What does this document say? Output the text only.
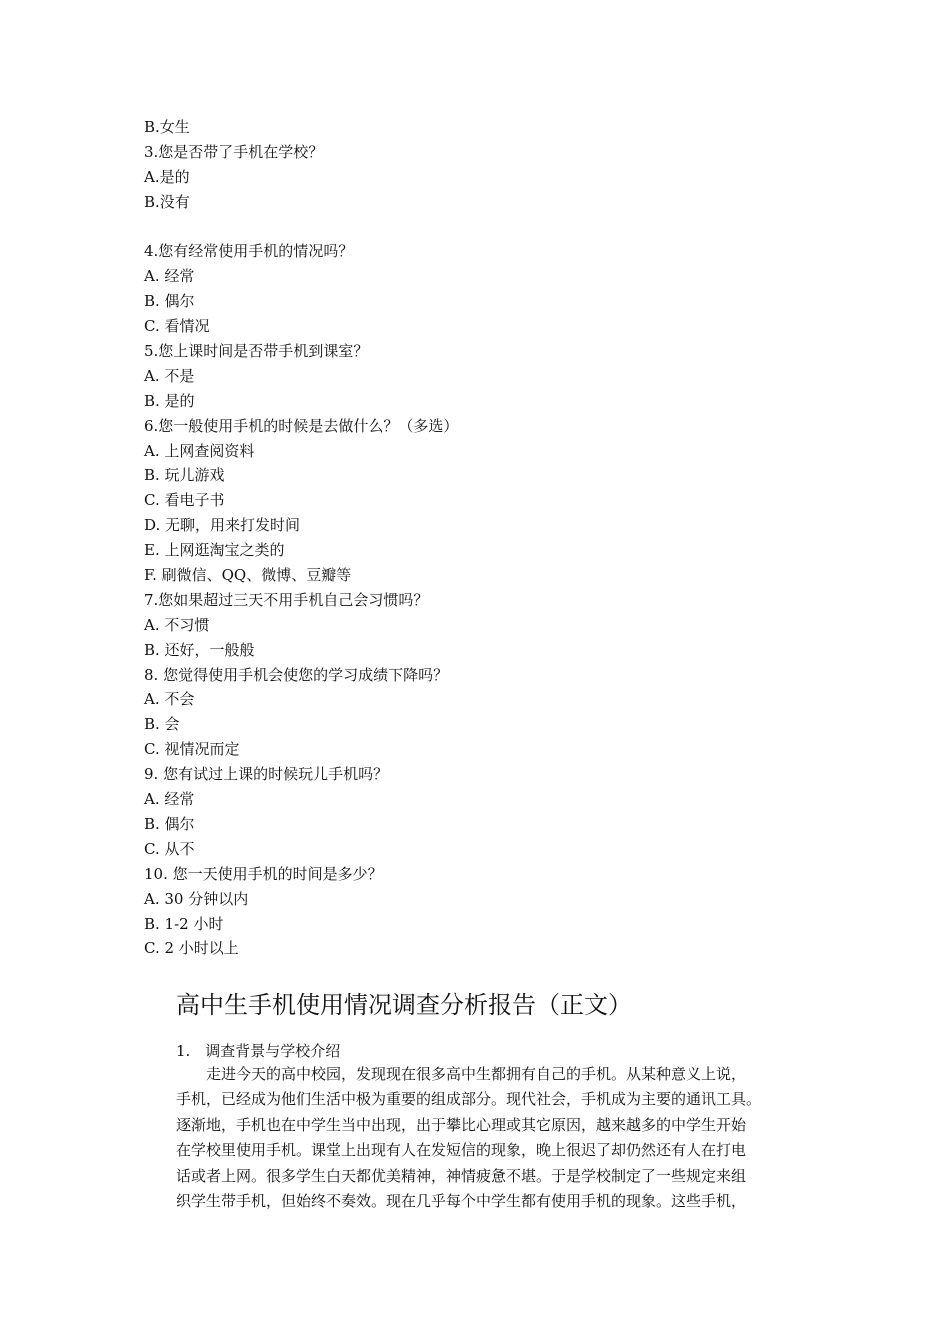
B.女生
3.您是否带了手机在学校？
A.是的
B.没有
4.您有经常使用手机的情况吗？
A. 经常
B. 偶尔
C. 看情况
5.您上课时间是否带手机到课室？
A. 不是
B. 是的
6.您一般使用手机的时候是去做什么？（多选）
A. 上网查阅资料
B. 玩儿游戏
C. 看电子书
D. 无聊，用来打发时间
E. 上网逛淘宝之类的
F. 刷微信、QQ、微博、豆瓣等
7.您如果超过三天不用手机自己会习惯吗？
A. 不习惯
B. 还好，一般般
8. 您觉得使用手机会使您的学习成绩下降吗？
A. 不会
B. 会
C. 视情况而定
9. 您有试过上课的时候玩儿手机吗？
A. 经常
B. 偶尔
C. 从不
10. 您一天使用手机的时间是多少？
A. 30 分钟以内
B. 1-2 小时
C. 2 小时以上
高中生手机使用情况调查分析报告（正文）
1.　调查背景与学校介绍
走进今天的高中校园，发现现在很多高中生都拥有自己的手机。从某种意义上说，
手机，已经成为他们生活中极为重要的组成部分。现代社会，手机成为主要的通讯工具。
逐渐地，手机也在中学生当中出现，出于攀比心理或其它原因，越来越多的中学生开始
在学校里使用手机。课堂上出现有人在发短信的现象，晚上很迟了却仍然还有人在打电
话或者上网。很多学生白天都优美精神，神情疲惫不堪。于是学校制定了一些规定来组
织学生带手机，但始终不奏效。现在几乎每个中学生都有使用手机的现象。这些手机，
